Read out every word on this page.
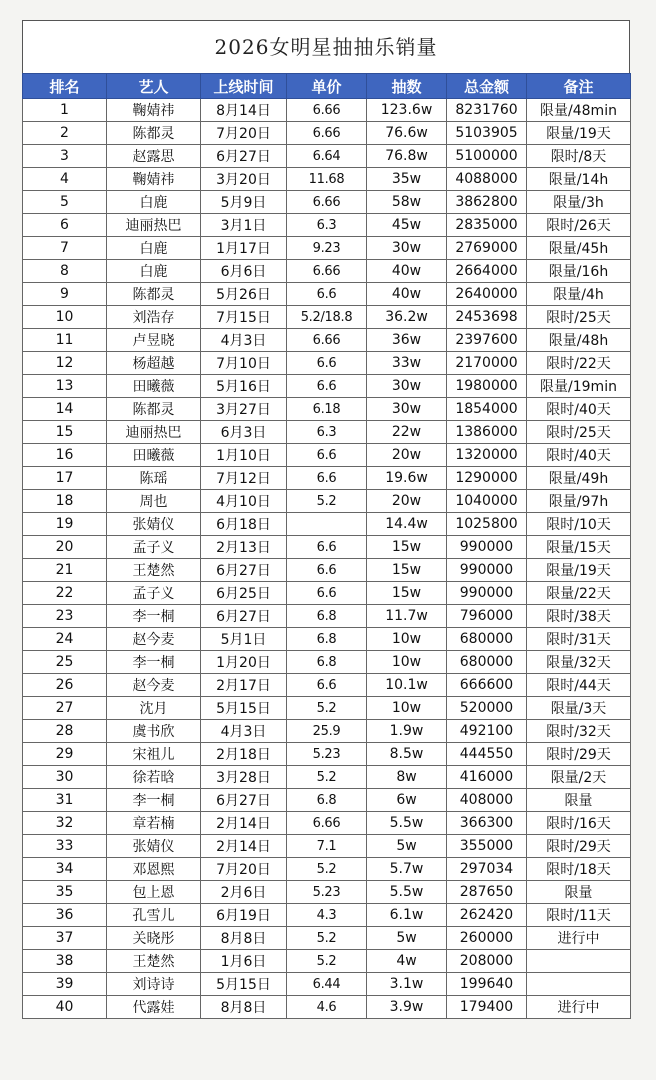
2026女明星抽抽乐销量
排名	艺人	上线时间	单价	抽数	总金额	备注
1	鞠婧祎	8月14日	6.66	123.6w	8231760	限量/48min
2	陈都灵	7月20日	6.66	76.6w	5103905	限量/19天
3	赵露思	6月27日	6.64	76.8w	5100000	限时/8天
4	鞠婧祎	3月20日	11.68	35w	4088000	限量/14h
5	白鹿	5月9日	6.66	58w	3862800	限量/3h
6	迪丽热巴	3月1日	6.3	45w	2835000	限时/26天
7	白鹿	1月17日	9.23	30w	2769000	限量/45h
8	白鹿	6月6日	6.66	40w	2664000	限量/16h
9	陈都灵	5月26日	6.6	40w	2640000	限量/4h
10	刘浩存	7月15日	5.2/18.8	36.2w	2453698	限时/25天
11	卢昱晓	4月3日	6.66	36w	2397600	限量/48h
12	杨超越	7月10日	6.6	33w	2170000	限时/22天
13	田曦薇	5月16日	6.6	30w	1980000	限量/19min
14	陈都灵	3月27日	6.18	30w	1854000	限时/40天
15	迪丽热巴	6月3日	6.3	22w	1386000	限时/25天
16	田曦薇	1月10日	6.6	20w	1320000	限时/40天
17	陈瑶	7月12日	6.6	19.6w	1290000	限量/49h
18	周也	4月10日	5.2	20w	1040000	限量/97h
19	张婧仪	6月18日		14.4w	1025800	限时/10天
20	孟子义	2月13日	6.6	15w	990000	限量/15天
21	王楚然	6月27日	6.6	15w	990000	限量/19天
22	孟子义	6月25日	6.6	15w	990000	限量/22天
23	李一桐	6月27日	6.8	11.7w	796000	限时/38天
24	赵今麦	5月1日	6.8	10w	680000	限时/31天
25	李一桐	1月20日	6.8	10w	680000	限量/32天
26	赵今麦	2月17日	6.6	10.1w	666600	限时/44天
27	沈月	5月15日	5.2	10w	520000	限量/3天
28	虞书欣	4月3日	25.9	1.9w	492100	限时/32天
29	宋祖儿	2月18日	5.23	8.5w	444550	限时/29天
30	徐若晗	3月28日	5.2	8w	416000	限量/2天
31	李一桐	6月27日	6.8	6w	408000	限量
32	章若楠	2月14日	6.66	5.5w	366300	限时/16天
33	张婧仪	2月14日	7.1	5w	355000	限时/29天
34	邓恩熙	7月20日	5.2	5.7w	297034	限时/18天
35	包上恩	2月6日	5.23	5.5w	287650	限量
36	孔雪儿	6月19日	4.3	6.1w	262420	限时/11天
37	关晓彤	8月8日	5.2	5w	260000	进行中
38	王楚然	1月6日	5.2	4w	208000	
39	刘诗诗	5月15日	6.44	3.1w	199640	
40	代露娃	8月8日	4.6	3.9w	179400	进行中
